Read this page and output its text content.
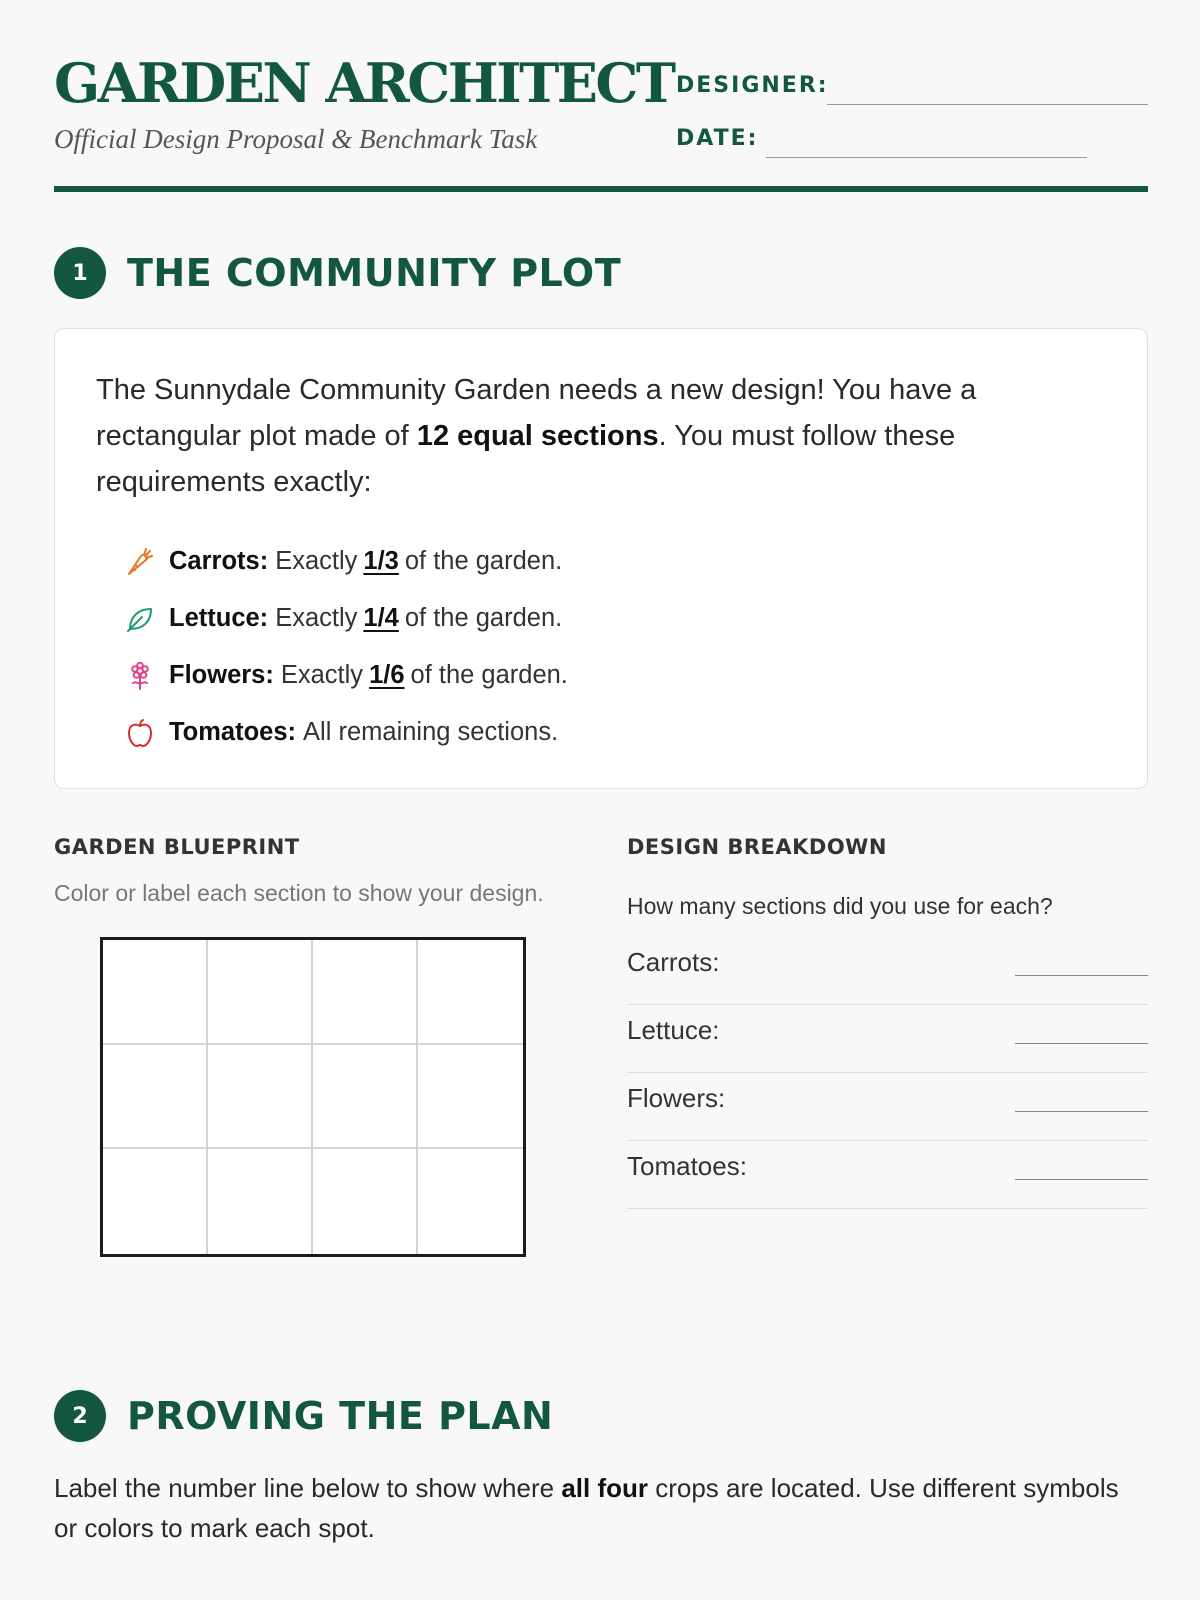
GARDEN ARCHITECT
Official Design Proposal & Benchmark Task
DESIGNER:
DATE:
1	THE COMMUNITY PLOT
The Sunnydale Community Garden needs a new design! You have a rectangular plot made of 12 equal sections. You must follow these requirements exactly:
Carrots: Exactly 1/3 of the garden.
Lettuce: Exactly 1/4 of the garden.
Flowers: Exactly 1/6 of the garden.
Tomatoes: All remaining sections.
GARDEN BLUEPRINT
Color or label each section to show your design.
DESIGN BREAKDOWN
How many sections did you use for each?
Carrots:
Lettuce:
Flowers:
Tomatoes:
2	PROVING THE PLAN
Label the number line below to show where all four crops are located. Use different symbols or colors to mark each spot.
